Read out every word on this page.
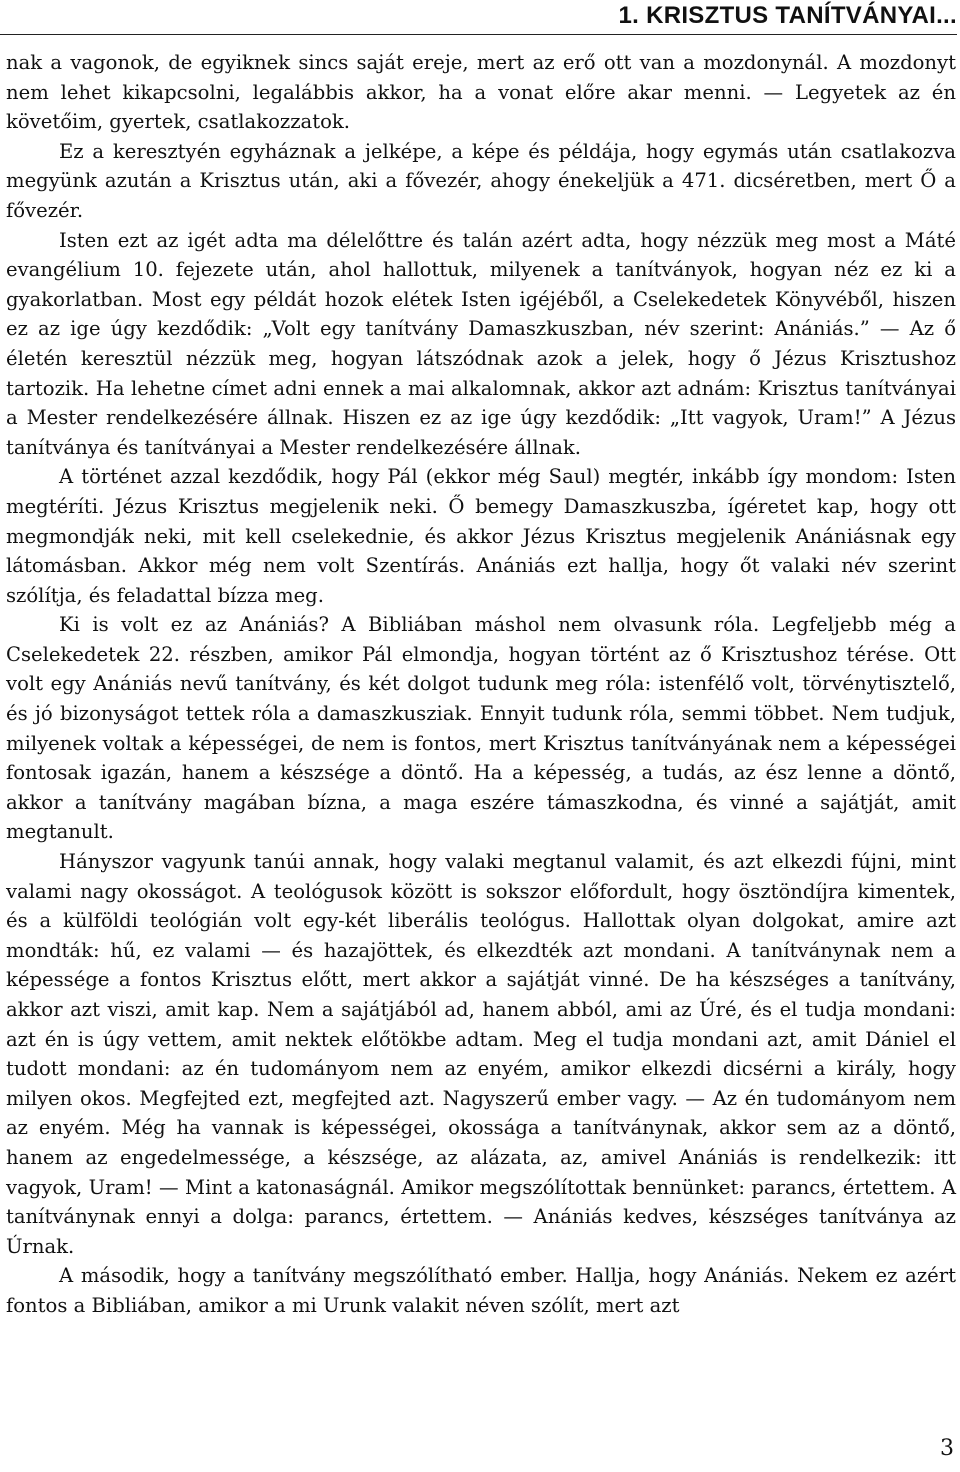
1. KRISZTUS TANÍTVÁNYAI...

nak a vagonok, de egyiknek sincs saját ereje, mert az erő ott van a mozdonynál. A mozdonyt nem lehet kikapcsolni, legalábbis akkor, ha a vonat előre akar menni. — Legyetek az én követőim, gyertek, csatlakozzatok.

Ez a keresztyén egyháznak a jelképe, a képe és példája, hogy egymás után csatlakozva megyünk azután a Krisztus után, aki a fővezér, ahogy énekeljük a 471. dicséretben, mert Ő a fővezér.

Isten ezt az igét adta ma délelőttre és talán azért adta, hogy nézzük meg most a Máté evangélium 10. fejezete után, ahol hallottuk, milyenek a tanítványok, hogyan néz ez ki a gyakorlatban. Most egy példát hozok elétek Isten igéjéből, a Cselekedetek Könyvéből, hiszen ez az ige úgy kezdődik: „Volt egy tanítvány Damaszkuszban, név szerint: Anániás.” — Az ő életén keresztül nézzük meg, hogyan látszódnak azok a jelek, hogy ő Jézus Krisztushoz tartozik. Ha lehetne címet adni ennek a mai alkalomnak, akkor azt adnám: Krisztus tanítványai a Mester rendelkezésére állnak. Hiszen ez az ige úgy kezdődik: „Itt vagyok, Uram!” A Jézus tanítványa és tanítványai a Mester rendelkezésére állnak.

A történet azzal kezdődik, hogy Pál (ekkor még Saul) megtér, inkább így mondom: Isten megtéríti. Jézus Krisztus megjelenik neki. Ő bemegy Damaszkuszba, ígéretet kap, hogy ott megmondják neki, mit kell cselekednie, és akkor Jézus Krisztus megjelenik Anániásnak egy látomásban. Akkor még nem volt Szentírás. Anániás ezt hallja, hogy őt valaki név szerint szólítja, és feladattal bízza meg.

Ki is volt ez az Anániás? A Bibliában máshol nem olvasunk róla. Legfeljebb még a Cselekedetek 22. részben, amikor Pál elmondja, hogyan történt az ő Krisztushoz térése. Ott volt egy Anániás nevű tanítvány, és két dolgot tudunk meg róla: istenfélő volt, törvénytisztelő, és jó bizonyságot tettek róla a damaszkusziak. Ennyit tudunk róla, semmi többet. Nem tudjuk, milyenek voltak a képességei, de nem is fontos, mert Krisztus tanítványának nem a képességei fontosak igazán, hanem a készsége a döntő. Ha a képesség, a tudás, az ész lenne a döntő, akkor a tanítvány magában bízna, a maga eszére támaszkodna, és vinné a sajátját, amit megtanult.

Hányszor vagyunk tanúi annak, hogy valaki megtanul valamit, és azt elkezdi fújni, mint valami nagy okosságot. A teológusok között is sokszor előfordult, hogy ösztöndíjra kimentek, és a külföldi teológián volt egy-két liberális teológus. Hallottak olyan dolgokat, amire azt mondták: hű, ez valami — és hazajöttek, és elkezdték azt mondani. A tanítványnak nem a képessége a fontos Krisztus előtt, mert akkor a sajátját vinné. De ha készséges a tanítvány, akkor azt viszi, amit kap. Nem a sajátjából ad, hanem abból, ami az Úré, és el tudja mondani: azt én is úgy vettem, amit nektek előtökbe adtam. Meg el tudja mondani azt, amit Dániel el tudott mondani: az én tudományom nem az enyém, amikor elkezdi dicsérni a király, hogy milyen okos. Megfejted ezt, megfejted azt. Nagyszerű ember vagy. — Az én tudományom nem az enyém. Még ha vannak is képességei, okossága a tanítványnak, akkor sem az a döntő, hanem az engedelmessége, a készsége, az alázata, az, amivel Anániás is rendelkezik: itt vagyok, Uram! — Mint a katonaságnál. Amikor megszólítottak bennünket: parancs, értettem. A tanítványnak ennyi a dolga: parancs, értettem. — Anániás kedves, készséges tanítványa az Úrnak.

A második, hogy a tanítvány megszólítható ember. Hallja, hogy Anániás. Nekem ez azért fontos a Bibliában, amikor a mi Urunk valakit néven szólít, mert azt

3
